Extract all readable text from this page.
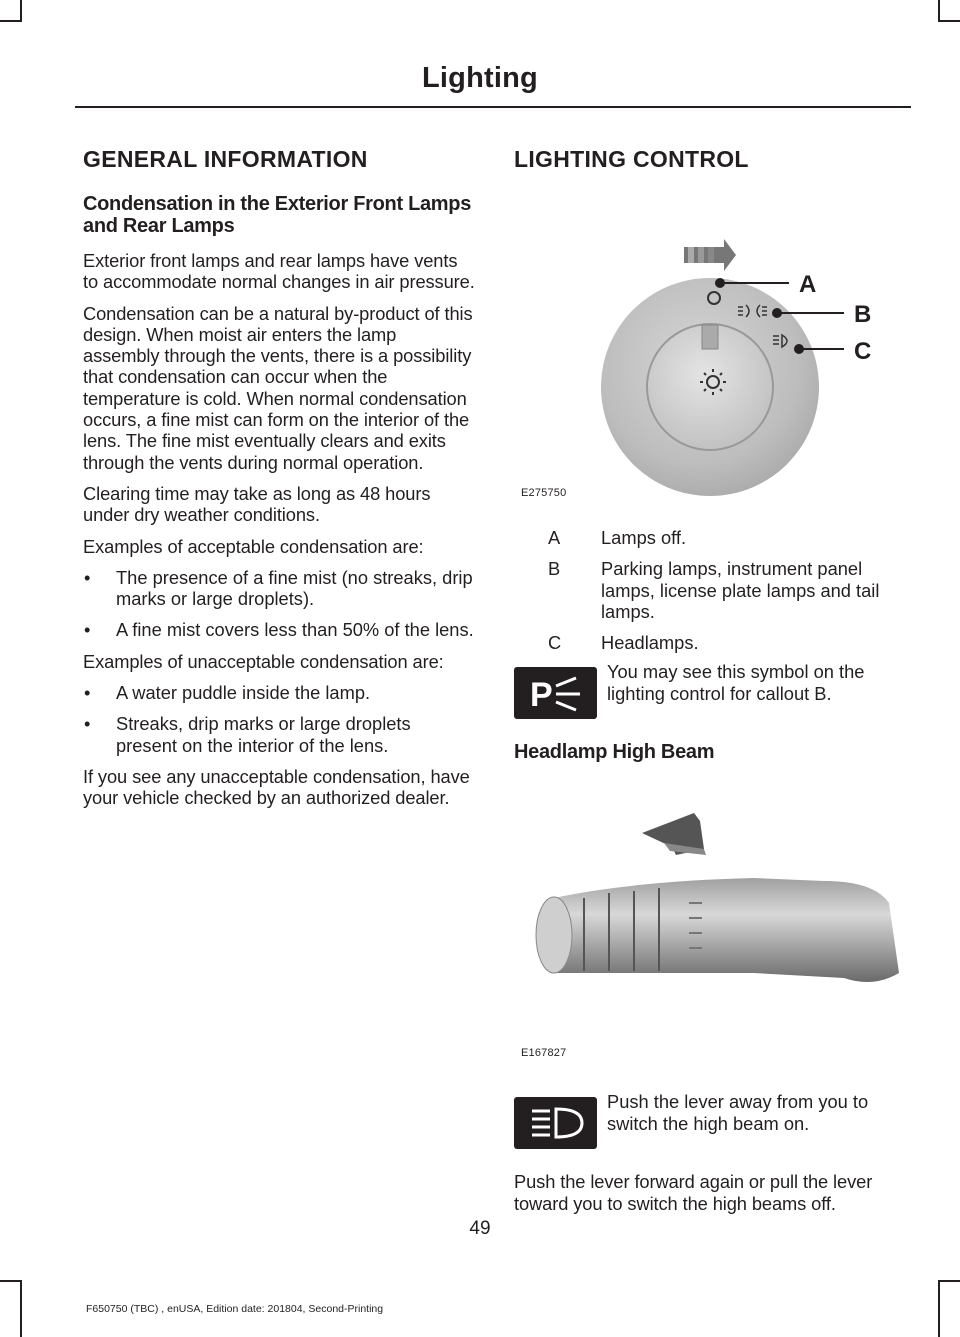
Lighting
GENERAL INFORMATION
Condensation in the Exterior Front Lamps and Rear Lamps

Exterior front lamps and rear lamps have vents to accommodate normal changes in air pressure.

Condensation can be a natural by-product of this design. When moist air enters the lamp assembly through the vents, there is a possibility that condensation can occur when the temperature is cold. When normal condensation occurs, a fine mist can form on the interior of the lens. The fine mist eventually clears and exits through the vents during normal operation.

Clearing time may take as long as 48 hours under dry weather conditions.

Examples of acceptable condensation are:

• The presence of a fine mist (no streaks, drip marks or large droplets).
• A fine mist covers less than 50% of the lens.

Examples of unacceptable condensation are:

• A water puddle inside the lamp.
• Streaks, drip marks or large droplets present on the interior of the lens.

If you see any unacceptable condensation, have your vehicle checked by an authorized dealer.

LIGHTING CONTROL
A
B
C
E275750
A	Lamps off.
B	Parking lamps, instrument panel lamps, license plate lamps and tail lamps.
C	Headlamps.
P
You may see this symbol on the lighting control for callout B.
Headlamp High Beam
E167827
Push the lever away from you to switch the high beam on.

Push the lever forward again or pull the lever toward you to switch the high beams off.

49
F650750 (TBC) , enUSA, Edition date: 201804, Second-Printing
